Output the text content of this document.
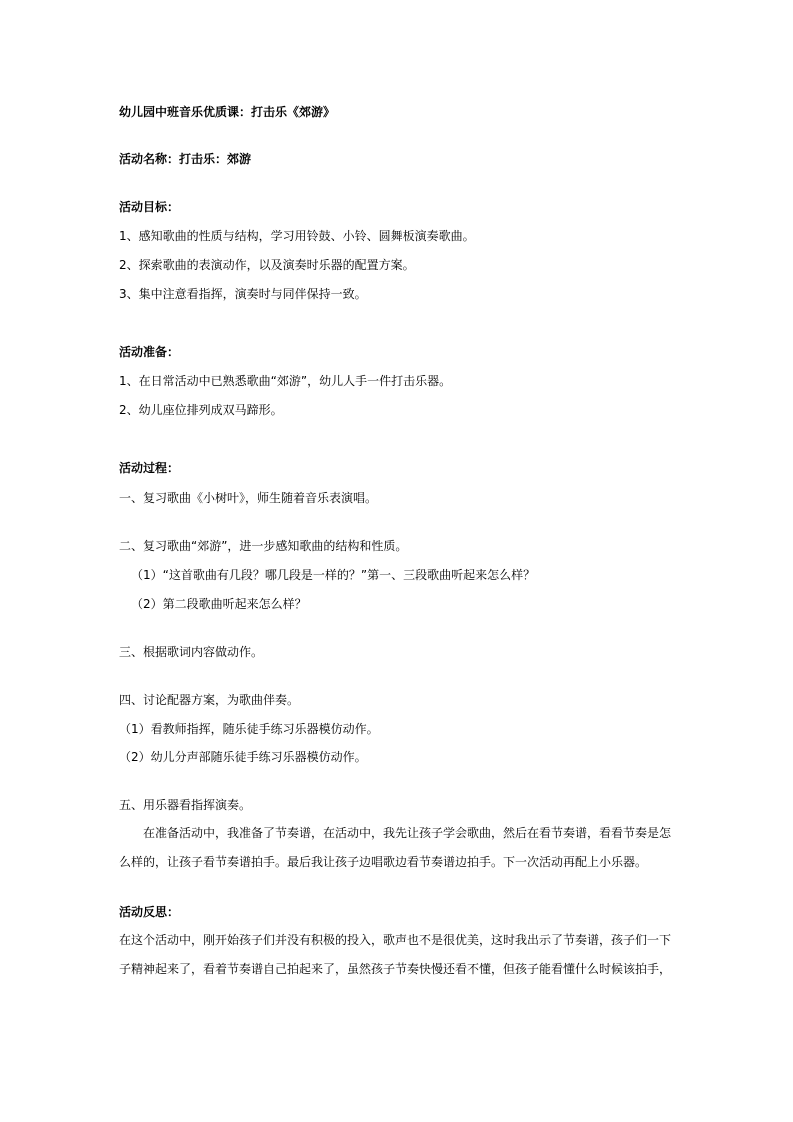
幼儿园中班音乐优质课：打击乐《郊游》
活动名称：打击乐：郊游
活动目标：
1、感知歌曲的性质与结构，学习用铃鼓、小铃、圆舞板演奏歌曲。
2、探索歌曲的表演动作，以及演奏时乐器的配置方案。
3、集中注意看指挥，演奏时与同伴保持一致。
活动准备：
1、在日常活动中已熟悉歌曲“郊游”，幼儿人手一件打击乐器。
2、幼儿座位排列成双马蹄形。
活动过程：
一、复习歌曲《小树叶》，师生随着音乐表演唱。
二、复习歌曲“郊游”，进一步感知歌曲的结构和性质。
（1）“这首歌曲有几段？哪几段是一样的？”第一、三段歌曲听起来怎么样？
（2）第二段歌曲听起来怎么样？
三、根据歌词内容做动作。
四、讨论配器方案，为歌曲伴奏。
（1）看教师指挥，随乐徒手练习乐器模仿动作。
（2）幼儿分声部随乐徒手练习乐器模仿动作。
五、用乐器看指挥演奏。
在准备活动中，我准备了节奏谱，在活动中，我先让孩子学会歌曲，然后在看节奏谱，看看节奏是怎么样的，让孩子看节奏谱拍手。最后我让孩子边唱歌边看节奏谱边拍手。下一次活动再配上小乐器。
活动反思：
在这个活动中，刚开始孩子们并没有积极的投入，歌声也不是很优美，这时我出示了节奏谱，孩子们一下子精神起来了，看着节奏谱自己拍起来了，虽然孩子节奏快慢还看不懂，但孩子能看懂什么时候该拍手，
